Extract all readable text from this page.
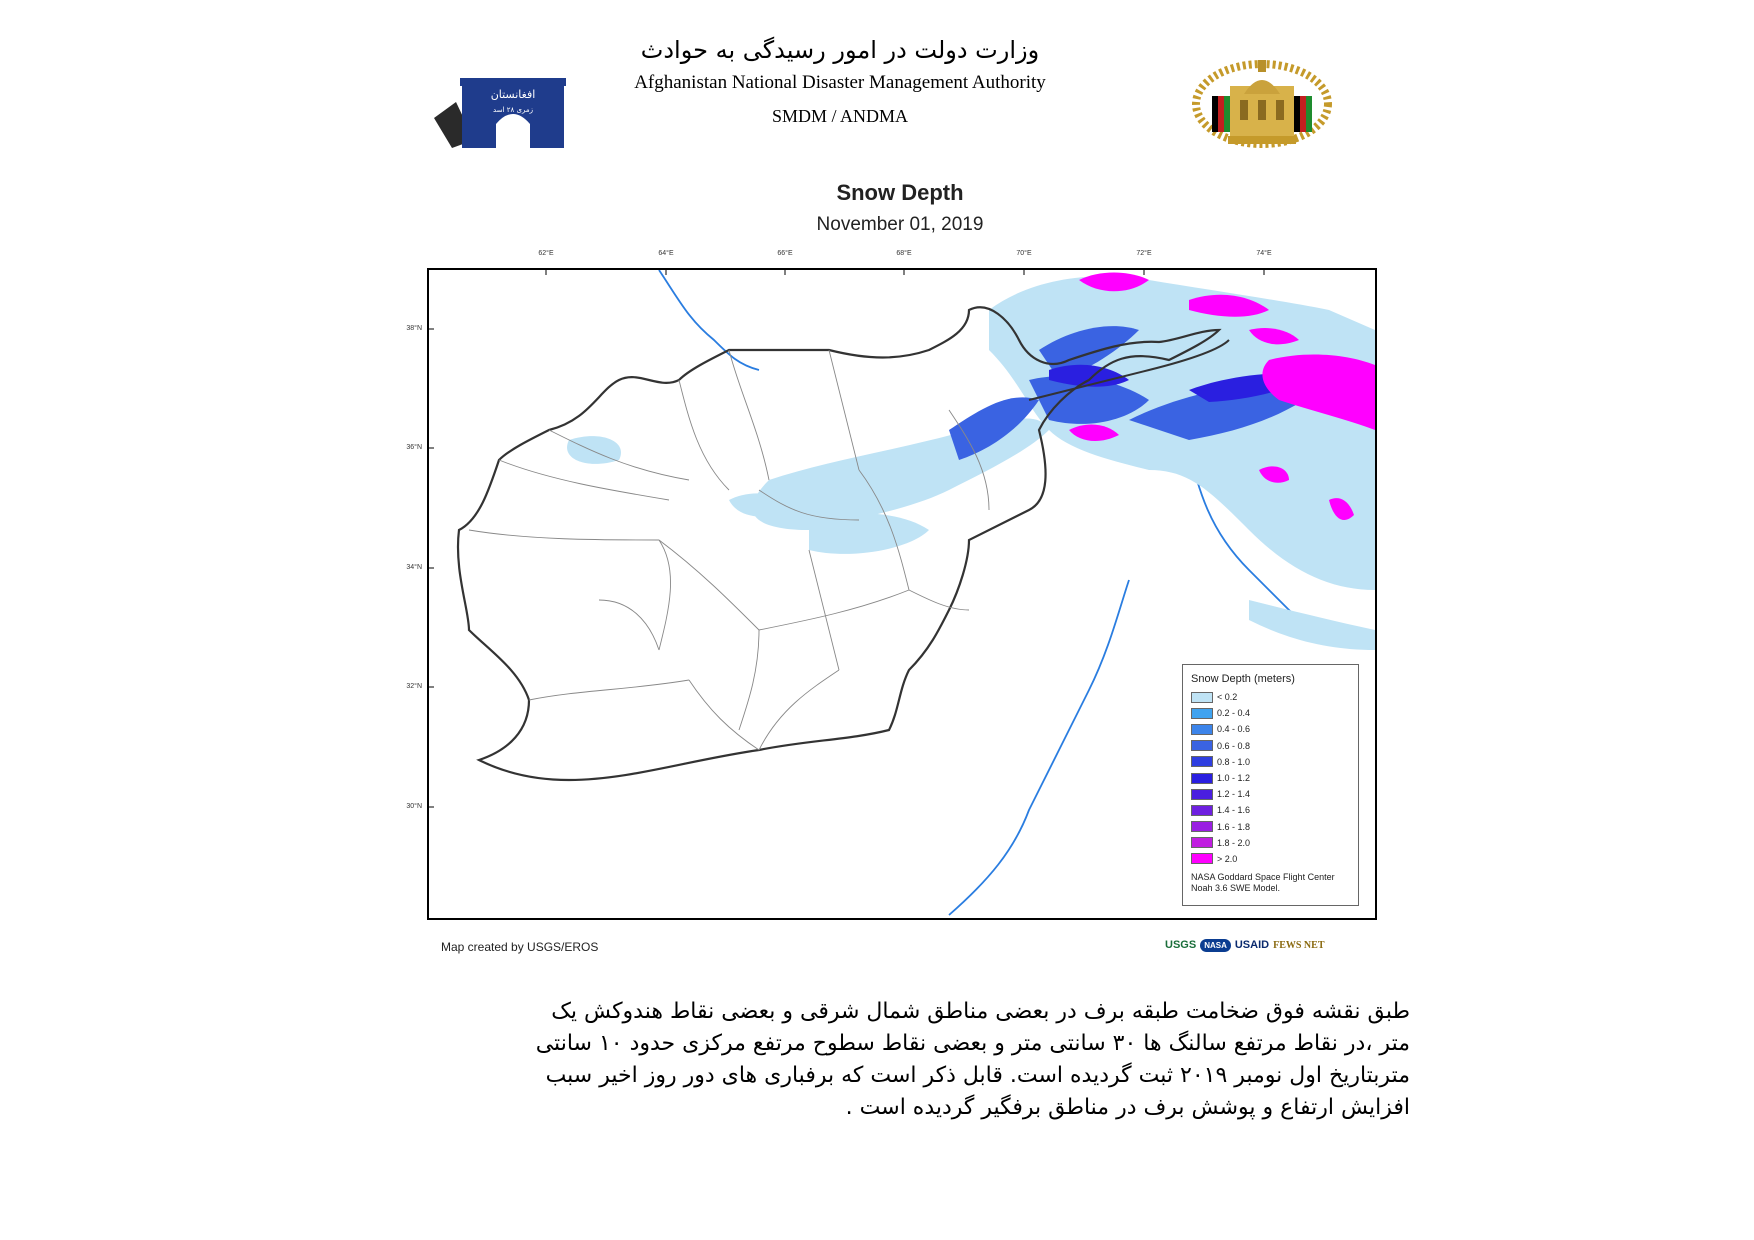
وزارت دولت در امور رسیدگی به حوادث
Afghanistan National Disaster Management Authority
SMDM / ANDMA
افغانستان
زمری ۲۸ اسد
Snow Depth
November 01, 2019
62°E	64°E	66°E	68°E	70°E	72°E	74°E
38°N
36°N
34°N
32°N
30°N
Snow Depth (meters)
< 0.2
0.2 - 0.4
0.4 - 0.6
0.6 - 0.8
0.8 - 1.0
1.0 - 1.2
1.2 - 1.4
1.4 - 1.6
1.6 - 1.8
1.8 - 2.0
> 2.0
NASA Goddard Space Flight Center
Noah 3.6 SWE Model.
Map created by USGS/EROS	USGS	NASA USAID FEWS NET
طبق نقشه فوق ضخامت طبقه برف در بعضی مناطق شمال شرقی و بعضی نقاط هندوکش یک
متر ،در نقاط مرتفع سالنگ ها ۳۰ سانتی متر و بعضی نقاط سطوح مرتفع مرکزی حدود ۱۰ سانتی
متربتاریخ اول نومبر ۲۰۱۹ ثبت گردیده است. قابل ذکر است که برفباری های دور روز اخیر سبب
افزایش ارتفاع و پوشش برف در مناطق برفگیر گردیده است .
